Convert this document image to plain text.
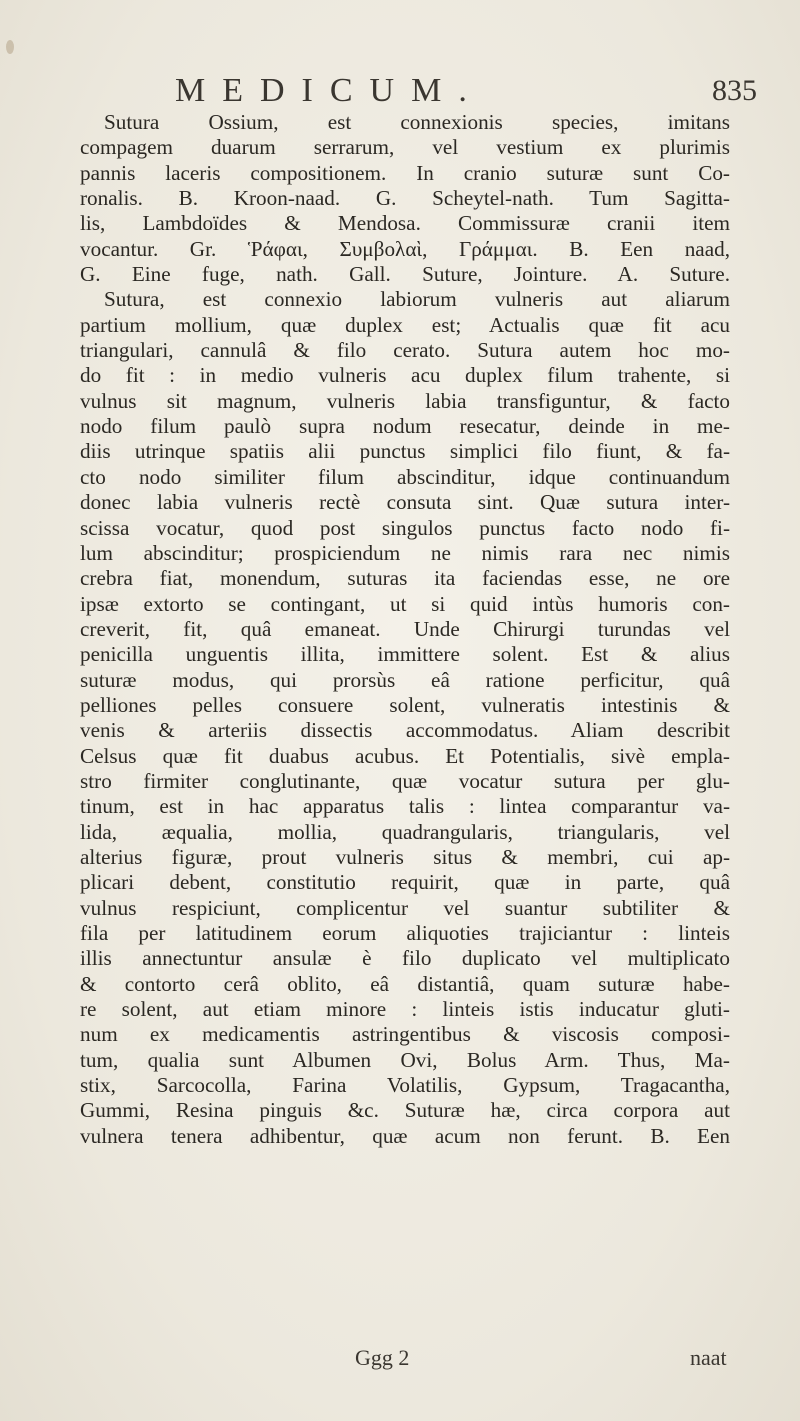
MEDICUM.	835
Sutura Ossium, est connexionis species, imitans
compagem duarum serrarum, vel vestium ex plurimis
pannis laceris compositionem. In cranio suturæ sunt Co-
ronalis. B. Kroon-naad. G. Scheytel-nath. Tum Sagitta-
lis, Lambdoïdes & Mendosa. Commissuræ cranii item
vocantur. Gr. Ῥάφαι, Συμβολαὶ, Γράμμαι. B. Een naad,
G. Eine fuge, nath. Gall. Suture, Jointure. A. Suture.
Sutura, est connexio labiorum vulneris aut aliarum
partium mollium, quæ duplex est; Actualis quæ fit acu
triangulari, cannulâ & filo cerato. Sutura autem hoc mo-
do fit : in medio vulneris acu duplex filum trahente, si
vulnus sit magnum, vulneris labia transfiguntur, & facto
nodo filum paulò supra nodum resecatur, deinde in me-
diis utrinque spatiis alii punctus simplici filo fiunt, & fa-
cto nodo similiter filum abscinditur, idque continuandum
donec labia vulneris rectè consuta sint. Quæ sutura inter-
scissa vocatur, quod post singulos punctus facto nodo fi-
lum abscinditur; prospiciendum ne nimis rara nec nimis
crebra fiat, monendum, suturas ita faciendas esse, ne ore
ipsæ extorto se contingant, ut si quid intùs humoris con-
creverit, fit, quâ emaneat. Unde Chirurgi turundas vel
penicilla unguentis illita, immittere solent. Est & alius
suturæ modus, qui prorsùs eâ ratione perficitur, quâ
pelliones pelles consuere solent, vulneratis intestinis &
venis & arteriis dissectis accommodatus. Aliam describit
Celsus quæ fit duabus acubus. Et Potentialis, sivè empla-
stro firmiter conglutinante, quæ vocatur sutura per glu-
tinum, est in hac apparatus talis : lintea comparantur va-
lida, æqualia, mollia, quadrangularis, triangularis, vel
alterius figuræ, prout vulneris situs & membri, cui ap-
plicari debent, constitutio requirit, quæ in parte, quâ
vulnus respiciunt, complicentur vel suantur subtiliter &
fila per latitudinem eorum aliquoties trajiciantur : linteis
illis annectuntur ansulæ è filo duplicato vel multiplicato
& contorto cerâ oblito, eâ distantiâ, quam suturæ habe-
re solent, aut etiam minore : linteis istis inducatur gluti-
num ex medicamentis astringentibus & viscosis composi-
tum, qualia sunt Albumen Ovi, Bolus Arm. Thus, Ma-
stix, Sarcocolla, Farina Volatilis, Gypsum, Tragacantha,
Gummi, Resina pinguis &c. Suturæ hæ, circa corpora aut
vulnera tenera adhibentur, quæ acum non ferunt. B. Een
Ggg 2	naat
